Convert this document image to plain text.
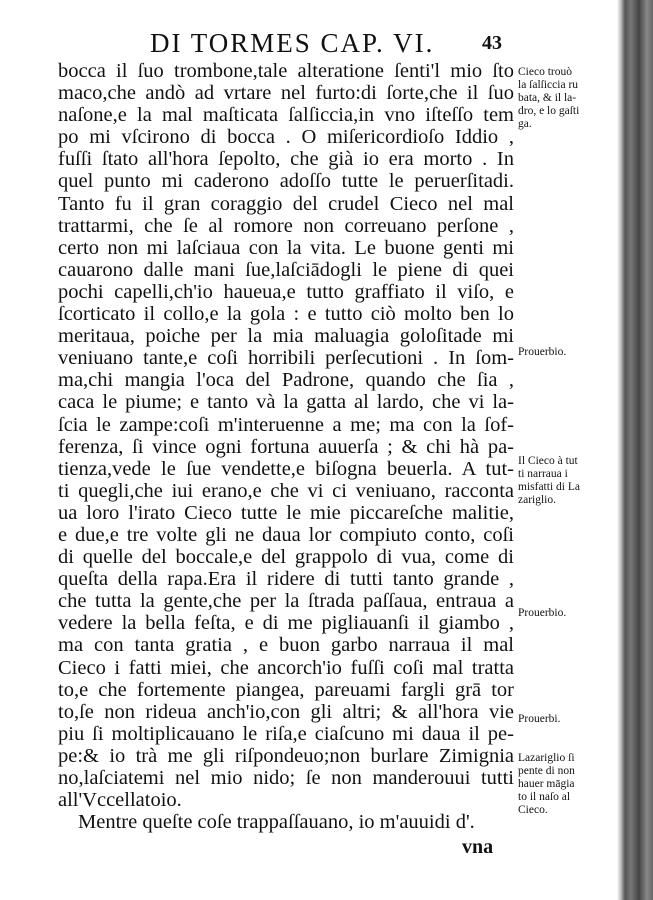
DI TORMES CAP. VI. 43
bocca il ſuo trombone,tale alteratione ſenti'l mio ſto
maco,che andò ad vrtare nel furto:di ſorte,che il ſuo
naſone,e la mal maſticata ſalſiccia,in vno iſteſſo tem
po mi vſcirono di bocca . O miſericordioſo Iddio ,
fuſſi ſtato all'hora ſepolto, che già io era morto . In
quel punto mi caderono adoſſo tutte le peruerſitadi.
Tanto fu il gran coraggio del crudel Cieco nel mal
trattarmi, che ſe al romore non correuano perſone ,
certo non mi laſciaua con la vita. Le buone genti mi
cauarono dalle mani ſue,laſciādogli le piene di quei
pochi capelli,ch'io haueua,e tutto graffiato il viſo, e
ſcorticato il collo,e la gola : e tutto ciò molto ben lo
meritaua, poiche per la mia maluagia goloſitade mi
veniuano tante,e coſi horribili perſecutioni . In ſom-
ma,chi mangia l'oca del Padrone, quando che ſia ,
caca le piume; e tanto và la gatta al lardo, che vi la-
ſcia le zampe:coſi m'interuenne a me; ma con la ſof-
ferenza, ſi vince ogni fortuna auuerſa ; & chi hà pa-
tienza,vede le ſue vendette,e biſogna beuerla. A tut-
ti quegli,che iui erano,e che vi ci veniuano, racconta
ua loro l'irato Cieco tutte le mie piccareſche malitie,
e due,e tre volte gli ne daua lor compiuto conto, coſi
di quelle del boccale,e del grappolo di vua, come di
queſta della rapa.Era il ridere di tutti tanto grande ,
che tutta la gente,che per la ſtrada paſſaua, entraua a
vedere la bella feſta, e di me pigliauanſi il giambo ,
ma con tanta gratia , e buon garbo narraua il mal
Cieco i fatti miei, che ancorch'io fuſſi coſi mal tratta
to,e che fortemente piangea, pareuami fargli grā tor
to,ſe non rideua anch'io,con gli altri; & all'hora vie
piu ſi moltiplicauano le riſa,e ciaſcuno mi daua il pe-
pe:& io trà me gli riſpondeuo;non burlare Zimignia
no,laſciatemi nel mio nido; ſe non manderouui tutti
all'Vccellatoio.
Mentre queſte coſe trappaſſauano, io m'auuidi d'.
Cieco trouò
la ſalſiccia ru
bata, & il la-
dro, e lo gaſti
ga.
Prouerbio.
Il Cieco à tut
ti narraua i
misfatti di La
zariglio.
Prouerbio.
Prouerbi.
Lazariglio ſi
pente di non
hauer māgia
to il naſo al
Cieco.
vna
